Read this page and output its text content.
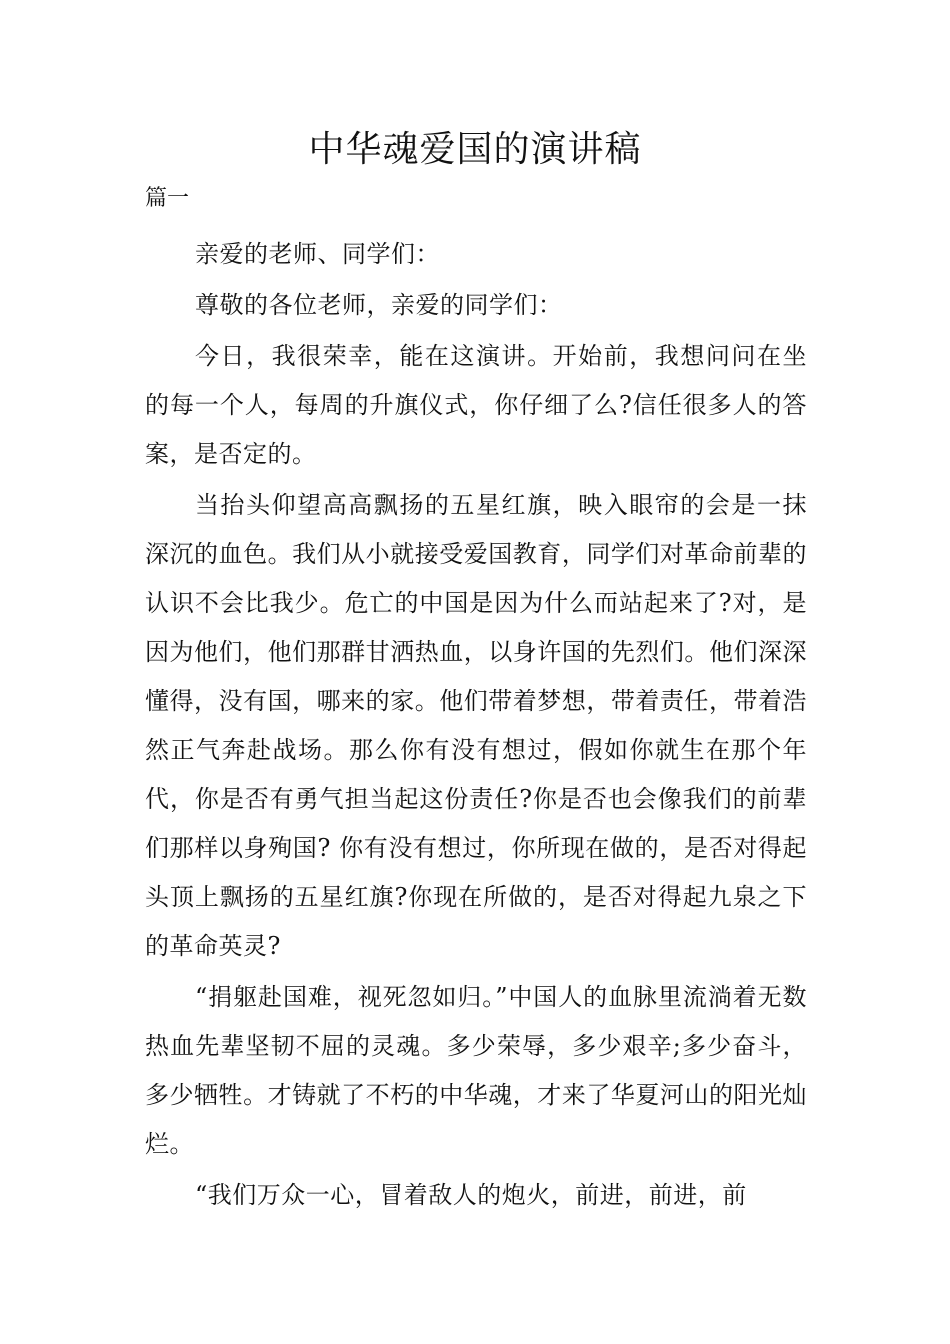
中华魂爱国的演讲稿
篇一

亲爱的老师、同学们：

尊敬的各位老师，亲爱的同学们：

今日，我很荣幸，能在这演讲。开始前，我想问问在坐的每一个人，每周的升旗仪式，你仔细了么?信任很多人的答案，是否定的。

当抬头仰望高高飘扬的五星红旗，映入眼帘的会是一抹深沉的血色。我们从小就接受爱国教育，同学们对革命前辈的认识不会比我少。危亡的中国是因为什么而站起来了?对，是因为他们，他们那群甘洒热血，以身许国的先烈们。他们深深懂得，没有国，哪来的家。他们带着梦想，带着责任，带着浩然正气奔赴战场。那么你有没有想过，假如你就生在那个年代，你是否有勇气担当起这份责任?你是否也会像我们的前辈们那样以身殉国? 你有没有想过，你所现在做的，是否对得起头顶上飘扬的五星红旗?你现在所做的，是否对得起九泉之下的革命英灵?

“捐躯赴国难，视死忽如归。”中国人的血脉里流淌着无数热血先辈坚韧不屈的灵魂。多少荣辱，多少艰辛;多少奋斗，多少牺牲。才铸就了不朽的中华魂，才来了华夏河山的阳光灿烂。

“我们万众一心，冒着敌人的炮火，前进，前进，前
